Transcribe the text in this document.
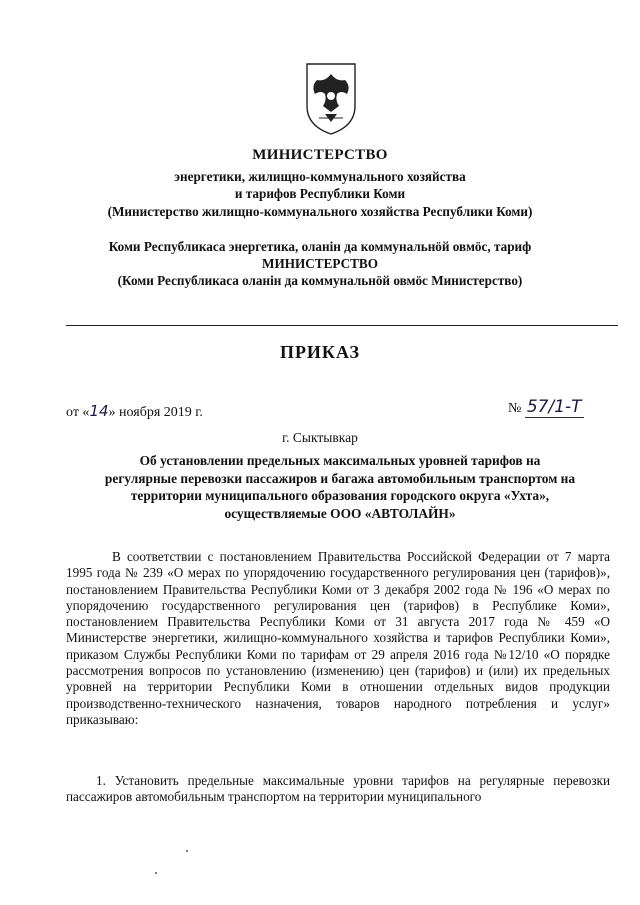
МИНИСТЕРСТВО
энергетики, жилищно-коммунального хозяйства
и тарифов Республики Коми
(Министерство жилищно-коммунального хозяйства Республики Коми)
Коми Республикаса энергетика, оланiн да коммунальнöй овмöс, тариф
МИНИСТЕРСТВО
(Коми Республикаса оланiн да коммунальнöй овмöс Министерство)
ПРИКАЗ
от «14» ноября 2019 г.	№ 57/1-Т
г. Сыктывкар
Об установлении предельных максимальных уровней тарифов на
регулярные перевозки пассажиров и багажа автомобильным транспортом на
территории муниципального образования городского округа «Ухта»,
осуществляемые ООО «АВТОЛАЙН»
В соответствии с постановлением Правительства Российской Федерации от 7 марта 1995 года № 239 «О мерах по упорядочению государственного регулирования цен (тарифов)», постановлением Правительства Республики Коми от 3 декабря 2002 года № 196 «О мерах по упорядочению государственного регулирования цен (тарифов) в Республике Коми», постановлением Правительства Республики Коми от 31 августа 2017 года № 459 «О Министерстве энергетики, жилищно-коммунального хозяйства и тарифов Республики Коми», приказом Службы Республики Коми по тарифам от 29 апреля 2016 года №12/10 «О порядке рассмотрения вопросов по установлению (изменению) цен (тарифов) и (или) их предельных уровней на территории Республики Коми в отношении отдельных видов продукции производственно-технического назначения, товаров народного потребления и услуг» приказываю:
1. Установить предельные максимальные уровни тарифов на регулярные перевозки пассажиров автомобильным транспортом на территории муниципального
